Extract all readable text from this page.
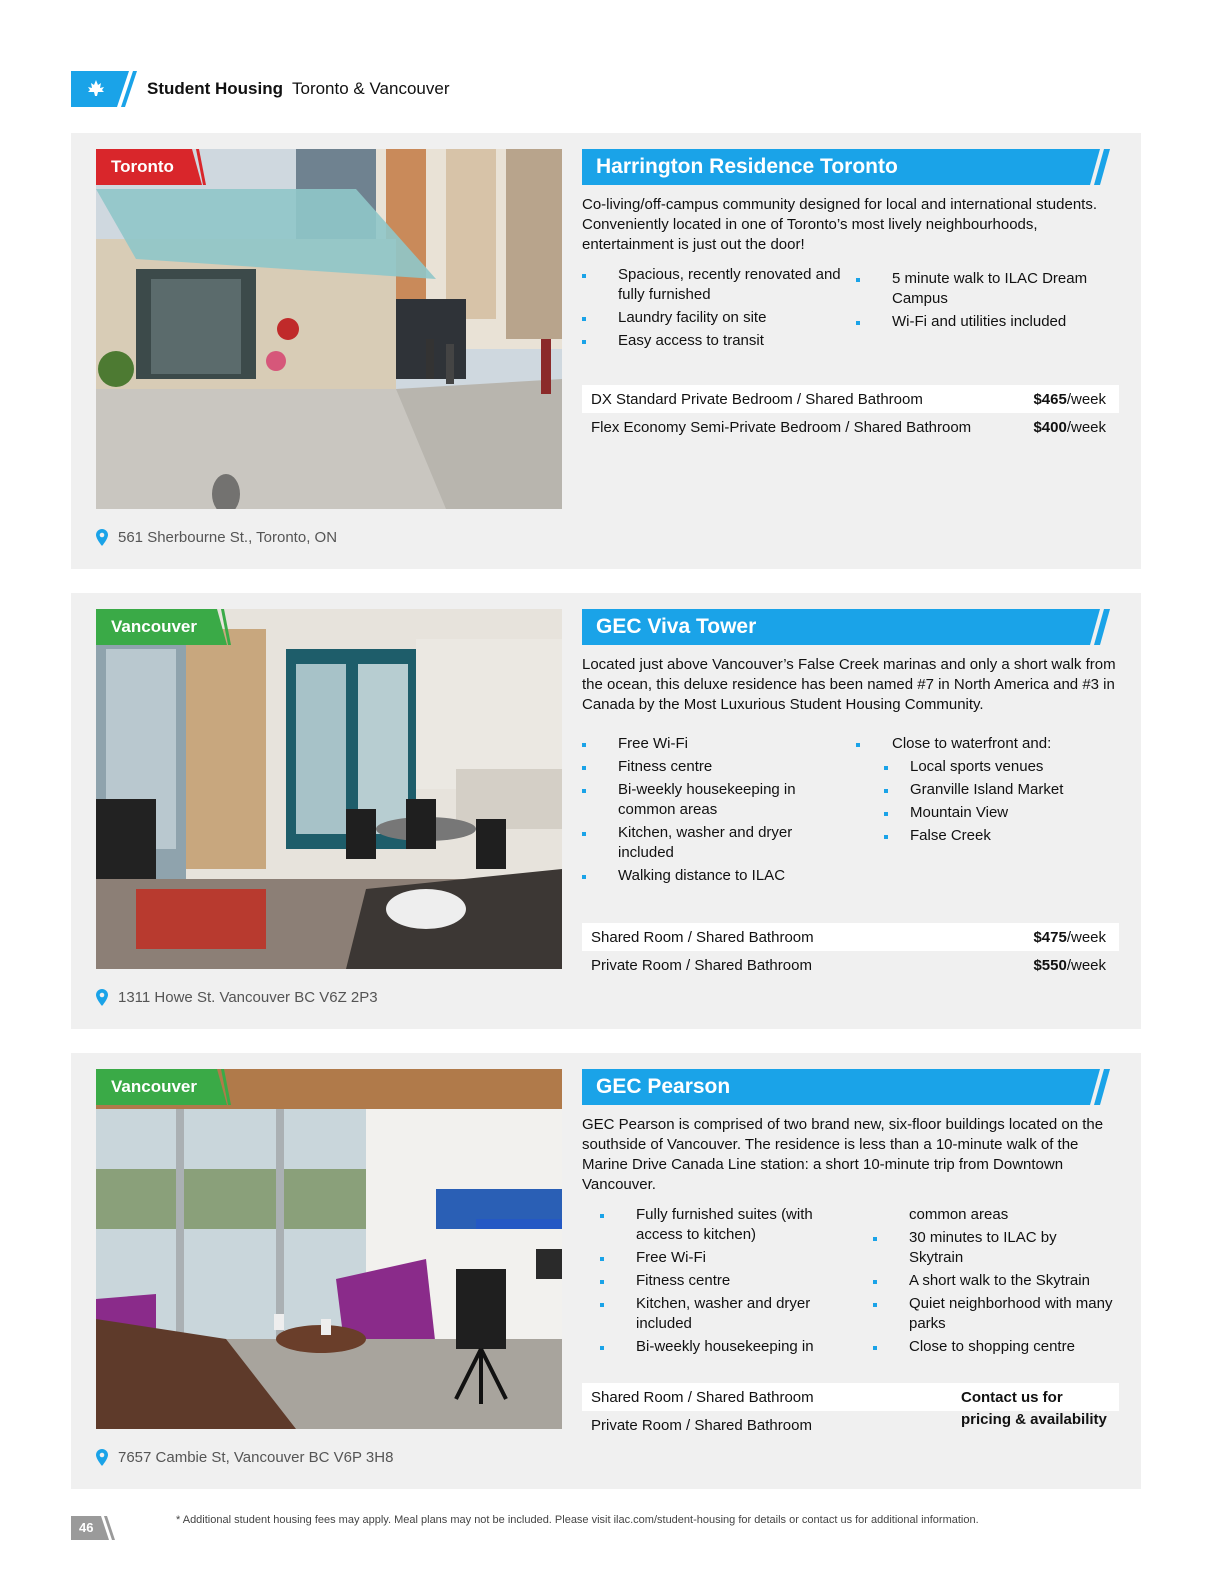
Student Housing Toronto & Vancouver
Toronto	Harrington Residence Toronto
Co-living/off-campus community designed for local and international students. Conveniently located in one of Toronto’s most lively neighbourhoods, entertainment is just out the door!
Spacious, recently renovated and fully furnished
Laundry facility on site
Easy access to transit
5 minute walk to ILAC Dream Campus
Wi-Fi and utilities included
DX Standard Private Bedroom / Shared Bathroom	$465/week
Flex Economy Semi-Private Bedroom / Shared Bathroom	$400/week
561 Sherbourne St., Toronto, ON
Vancouver	GEC Viva Tower
Located just above Vancouver’s False Creek marinas and only a short walk from the ocean, this deluxe residence has been named #7 in North America and #3 in Canada by the Most Luxurious Student Housing Community.
Free Wi-Fi
Fitness centre
Bi-weekly housekeeping in common areas
Kitchen, washer and dryer included
Walking distance to ILAC
Close to waterfront and:
Local sports venues
Granville Island Market
Mountain View
False Creek
Shared Room / Shared Bathroom	$475/week
Private Room / Shared Bathroom	$550/week
1311 Howe St. Vancouver BC V6Z 2P3
Vancouver	GEC Pearson
GEC Pearson is comprised of two brand new, six-floor buildings located on the southside of Vancouver. The residence is less than a 10-minute walk of the Marine Drive Canada Line station: a short 10-minute trip from Downtown Vancouver.
Fully furnished suites (with access to kitchen)
Free Wi-Fi
Fitness centre
Kitchen, washer and dryer included
Bi-weekly housekeeping in
common areas
30 minutes to ILAC by Skytrain
A short walk to the Skytrain
Quiet neighborhood with many parks
Close to shopping centre
Shared Room / Shared Bathroom
Private Room / Shared Bathroom
Contact us for
pricing & availability
7657 Cambie St, Vancouver BC V6P 3H8
46	* Additional student housing fees may apply. Meal plans may not be included. Please visit ilac.com/student-housing for details or contact us for additional information.
